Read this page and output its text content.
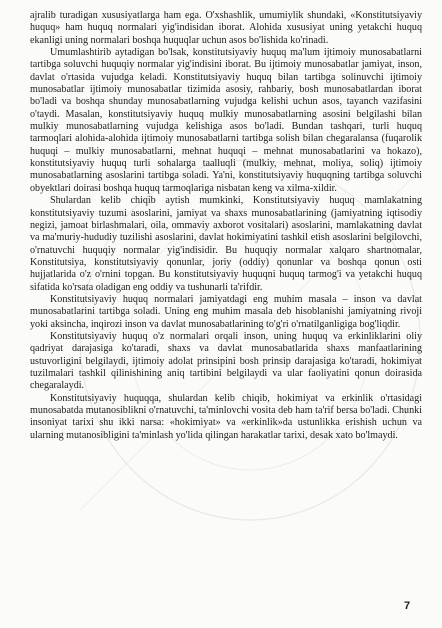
ajralib turadigan xususiyatlarga ham ega. O'xshashlik, umumiylik shundaki, «Konstitutsiyaviy huquq» ham huquq normalari yig'indisidan iborat. Alohida xususiyat uning yetakchi huquq ekanligi uning normalari boshqa huquqlar uchun asos bo'lishida ko'rinadi.

Umumlashtirib aytadigan bo'lsak, konstitutsiyaviy huquq ma'lum ijtimoiy munosabatlarni tartibga soluvchi huquqiy normalar yig'indisini iborat. Bu ijtimoiy munosabatlar jamiyat, inson, davlat o'rtasida vujudga keladi. Konstitutsiyaviy huquq bilan tartibga solinuvchi ijtimoiy munosabatlar ijtimoiy munosabatlar tizimida asosiy, rahbariy, bosh munosabatlardan iborat bo'ladi va boshqa shunday munosabatlarning vujudga kelishi uchun asos, tayanch vazifasini o'taydi. Masalan, konstitutsiyaviy huquq mulkiy munosabatlarning asosini belgilashi bilan mulkiy munosabatlarning vujudga kelishiga asos bo'ladi. Bundan tashqari, turli huquq tarmoqlari alohida-alohida ijtimoiy munosabatlarni tartibga solish bilan chegaralansa (fuqarolik huquqi – mulkiy munosabatlarni, mehnat huquqi – mehnat munosabatlarini va hokazo), konstitutsiyaviy huquq turli sohalarga taalluqli (mulkiy, mehnat, moliya, soliq) ijtimoiy munosabatlarning asoslarini tartibga soladi. Ya'ni, konstitutsiyaviy huquqning tartibga soluvchi obyektlari doirasi boshqa huquq tarmoqlariga nisbatan keng va xilma-xildir.

Shulardan kelib chiqib aytish mumkinki, Konstitutsiyaviy huquq mamlakatning konstitutsiyaviy tuzumi asoslarini, jamiyat va shaxs munosabatlarining (jamiyatning iqtisodiy negizi, jamoat birlashmalari, oila, ommaviy axborot vositalari) asoslarini, mamlakatning davlat va ma'muriy-hududiy tuzilishi asoslarini, davlat hokimiyatini tashkil etish asoslarini belgilovchi, o'rnatuvchi huquqiy normalar yig'indisidir. Bu huquqiy normalar xalqaro shartnomalar, Konstitutsiya, konstitutsiyaviy qonunlar, joriy (oddiy) qonunlar va boshqa qonun osti hujjatlarida o'z o'rnini topgan. Bu konstitutsiyaviy huquqni huquq tarmog'i va yetakchi huquq sifatida ko'rsata oladigan eng oddiy va tushunarli ta'rifdir.

Konstitutsiyaviy huquq normalari jamiyatdagi eng muhim masala – inson va davlat munosabatlarini tartibga soladi. Uning eng muhim masala deb hisoblanishi jamiyatning rivoji yoki aksincha, inqirozi inson va davlat munosabatlarining to'g'ri o'rnatilganligiga bog'liqdir.

Konstitutsiyaviy huquq o'z normalari orqali inson, uning huquq va erkinliklarini oliy qadriyat darajasiga ko'taradi, shaxs va davlat munosabatlarida shaxs manfaatlarining ustuvorligini belgilaydi, ijtimoiy adolat prinsipini bosh prinsip darajasiga ko'taradi, hokimiyat tuzilmalari tashkil qilinishining aniq tartibini belgilaydi va ular faoliyatini qonun doirasida chegaralaydi.

Konstitutsiyaviy huquqqa, shulardan kelib chiqib, hokimiyat va erkinlik o'rtasidagi munosabatda mutanosiblikni o'rnatuvchi, ta'minlovchi vosita deb ham ta'rif bersa bo'ladi. Chunki insoniyat tarixi shu ikki narsa: «hokimiyat» va «erkinlik»da ustunlikka erishish uchun va ularning mutanosibligini ta'minlash yo'lida qilingan harakatlar tarixi, desak xato bo'lmaydi.

7
